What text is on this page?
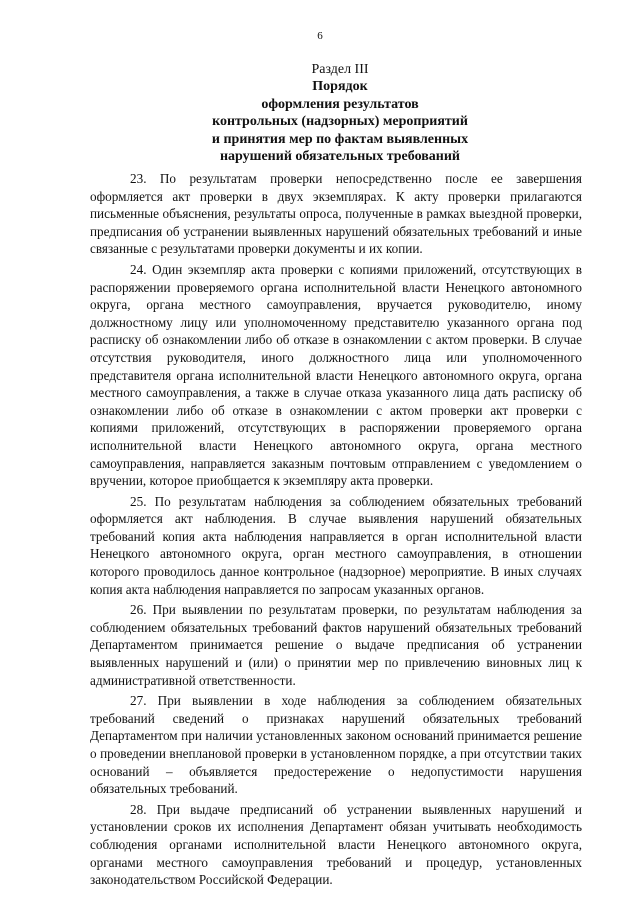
6
Раздел III
Порядок
оформления результатов
контрольных (надзорных) мероприятий
и принятия мер по фактам выявленных
нарушений обязательных требований

23. По результатам проверки непосредственно после ее завершения оформляется акт проверки в двух экземплярах. К акту проверки прилагаются письменные объяснения, результаты опроса, полученные в рамках выездной проверки, предписания об устранении выявленных нарушений обязательных требований и иные связанные с результатами проверки документы и их копии.

24. Один экземпляр акта проверки с копиями приложений, отсутствующих в распоряжении проверяемого органа исполнительной власти Ненецкого автономного округа, органа местного самоуправления, вручается руководителю, иному должностному лицу или уполномоченному представителю указанного органа под расписку об ознакомлении либо об отказе в ознакомлении с актом проверки. В случае отсутствия руководителя, иного должностного лица или уполномоченного представителя органа исполнительной власти Ненецкого автономного округа, органа местного самоуправления, а также в случае отказа указанного лица дать расписку об ознакомлении либо об отказе в ознакомлении с актом проверки акт проверки с копиями приложений, отсутствующих в распоряжении проверяемого органа исполнительной власти Ненецкого автономного округа, органа местного самоуправления, направляется заказным почтовым отправлением с уведомлением о вручении, которое приобщается к экземпляру акта проверки.

25. По результатам наблюдения за соблюдением обязательных требований оформляется акт наблюдения. В случае выявления нарушений обязательных требований копия акта наблюдения направляется в орган исполнительной власти Ненецкого автономного округа, орган местного самоуправления, в отношении которого проводилось данное контрольное (надзорное) мероприятие. В иных случаях копия акта наблюдения направляется по запросам указанных органов.

26. При выявлении по результатам проверки, по результатам наблюдения за соблюдением обязательных требований фактов нарушений обязательных требований Департаментом принимается решение о выдаче предписания об устранении выявленных нарушений и (или) о принятии мер по привлечению виновных лиц к административной ответственности.

27. При выявлении в ходе наблюдения за соблюдением обязательных требований сведений о признаках нарушений обязательных требований Департаментом при наличии установленных законом оснований принимается решение о проведении внеплановой проверки в установленном порядке, а при отсутствии таких оснований – объявляется предостережение о недопустимости нарушения обязательных требований.

28. При выдаче предписаний об устранении выявленных нарушений и установлении сроков их исполнения Департамент обязан учитывать необходимость соблюдения органами исполнительной власти Ненецкого автономного округа, органами местного самоуправления требований и процедур, установленных законодательством Российской Федерации.
